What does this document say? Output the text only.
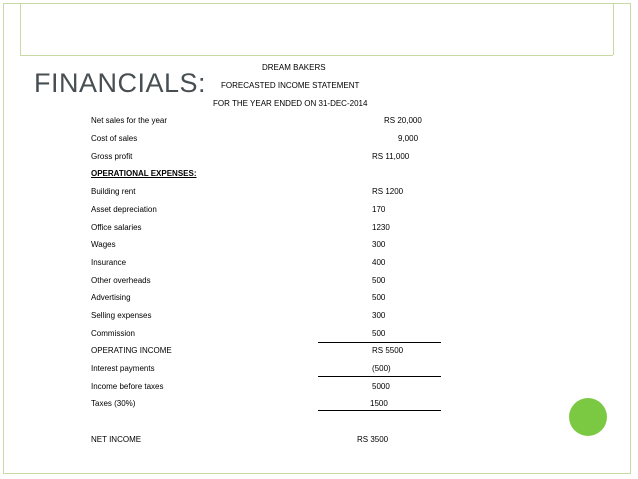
FINANCIALS:
DREAM BAKERS
FORECASTED INCOME STATEMENT
FOR THE YEAR ENDED ON 31-DEC-2014
Net sales for the year
Cost of sales
Gross profit
OPERATIONAL EXPENSES:
Building rent
Asset depreciation
Office salaries
Wages
Insurance
Other overheads
Advertising
Selling expenses
Commission
OPERATING INCOME
Interest payments
Income before taxes
Taxes (30%)
NET INCOME
RS 20,000
9,000
RS 11,000
RS 1200
170
1230
300
400
500
500
300
500
RS 5500
(500)
5000
1500
RS 3500
